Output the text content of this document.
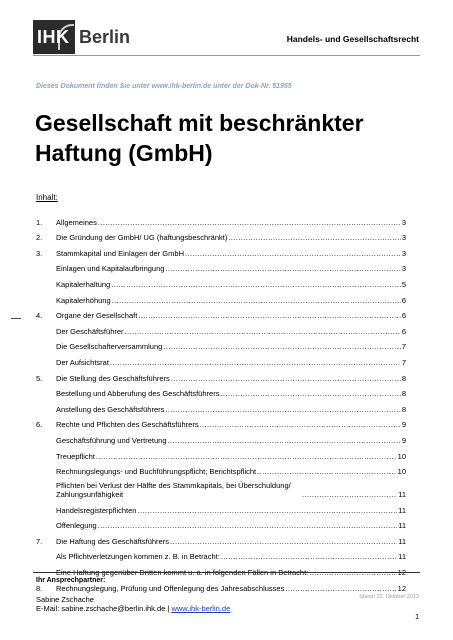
IHK Berlin	Handels- und Gesellschaftsrecht
Dieses Dokument finden Sie unter www.ihk-berlin.de unter der Dok-Nr. 51955
Gesellschaft mit beschränkter Haftung (GmbH)
Inhalt:
1.	Allgemeines .....	3
2.	Die Gründung der GmbH/ UG (haftungsbeschränkt) .....	3
3.	Stammkapital und Einlagen der GmbH .....	3
Einlagen und Kapitalaufbringung .....	3
Kapitalerhaltung .....	5
Kapitalerhöhung .....	6
4.	Organe der Gesellschaft .....	6
Der Geschäftsführer .....	6
Die Gesellschafterversammlung .....	7
Der Aufsichtsrat .....	7
5.	Die Stellung des Geschäftsführers .....	8
Bestellung und Abberufung des Geschäftsführers .....	8
Anstellung des Geschäftsführers .....	8
6.	Rechte und Pflichten des Geschäftsführers .....	9
Geschäftsführung und Vertretung .....	9
Treuepflicht .....	10
Rechnungslegungs- und Buchführungspflicht; Berichtspflicht .....	10
Pflichten bei Verlust der Hälfte des Stammkapitals, bei Überschuldung/ Zahlungsunfähigkeit .....	11
Handelsregisterpflichten .....	11
Offenlegung .....	11
7.	Die Haftung des Geschäftsführers .....	11
Als Pflichtverletzungen kommen z. B. in Betracht: .....	11
Eine Haftung gegenüber Dritten kommt u. a. in folgenden Fällen in Betracht: .....	12
8.	Rechnungslegung, Prüfung und Offenlegung des Jahresabschlusses .....	12
Ihr Ansprechpartner:
Sabine Zschache
E-Mail: sabine.zschache@berlin.ihk.de | www.ihk-berlin.de
Stand: 22. Oktober 2013
1
